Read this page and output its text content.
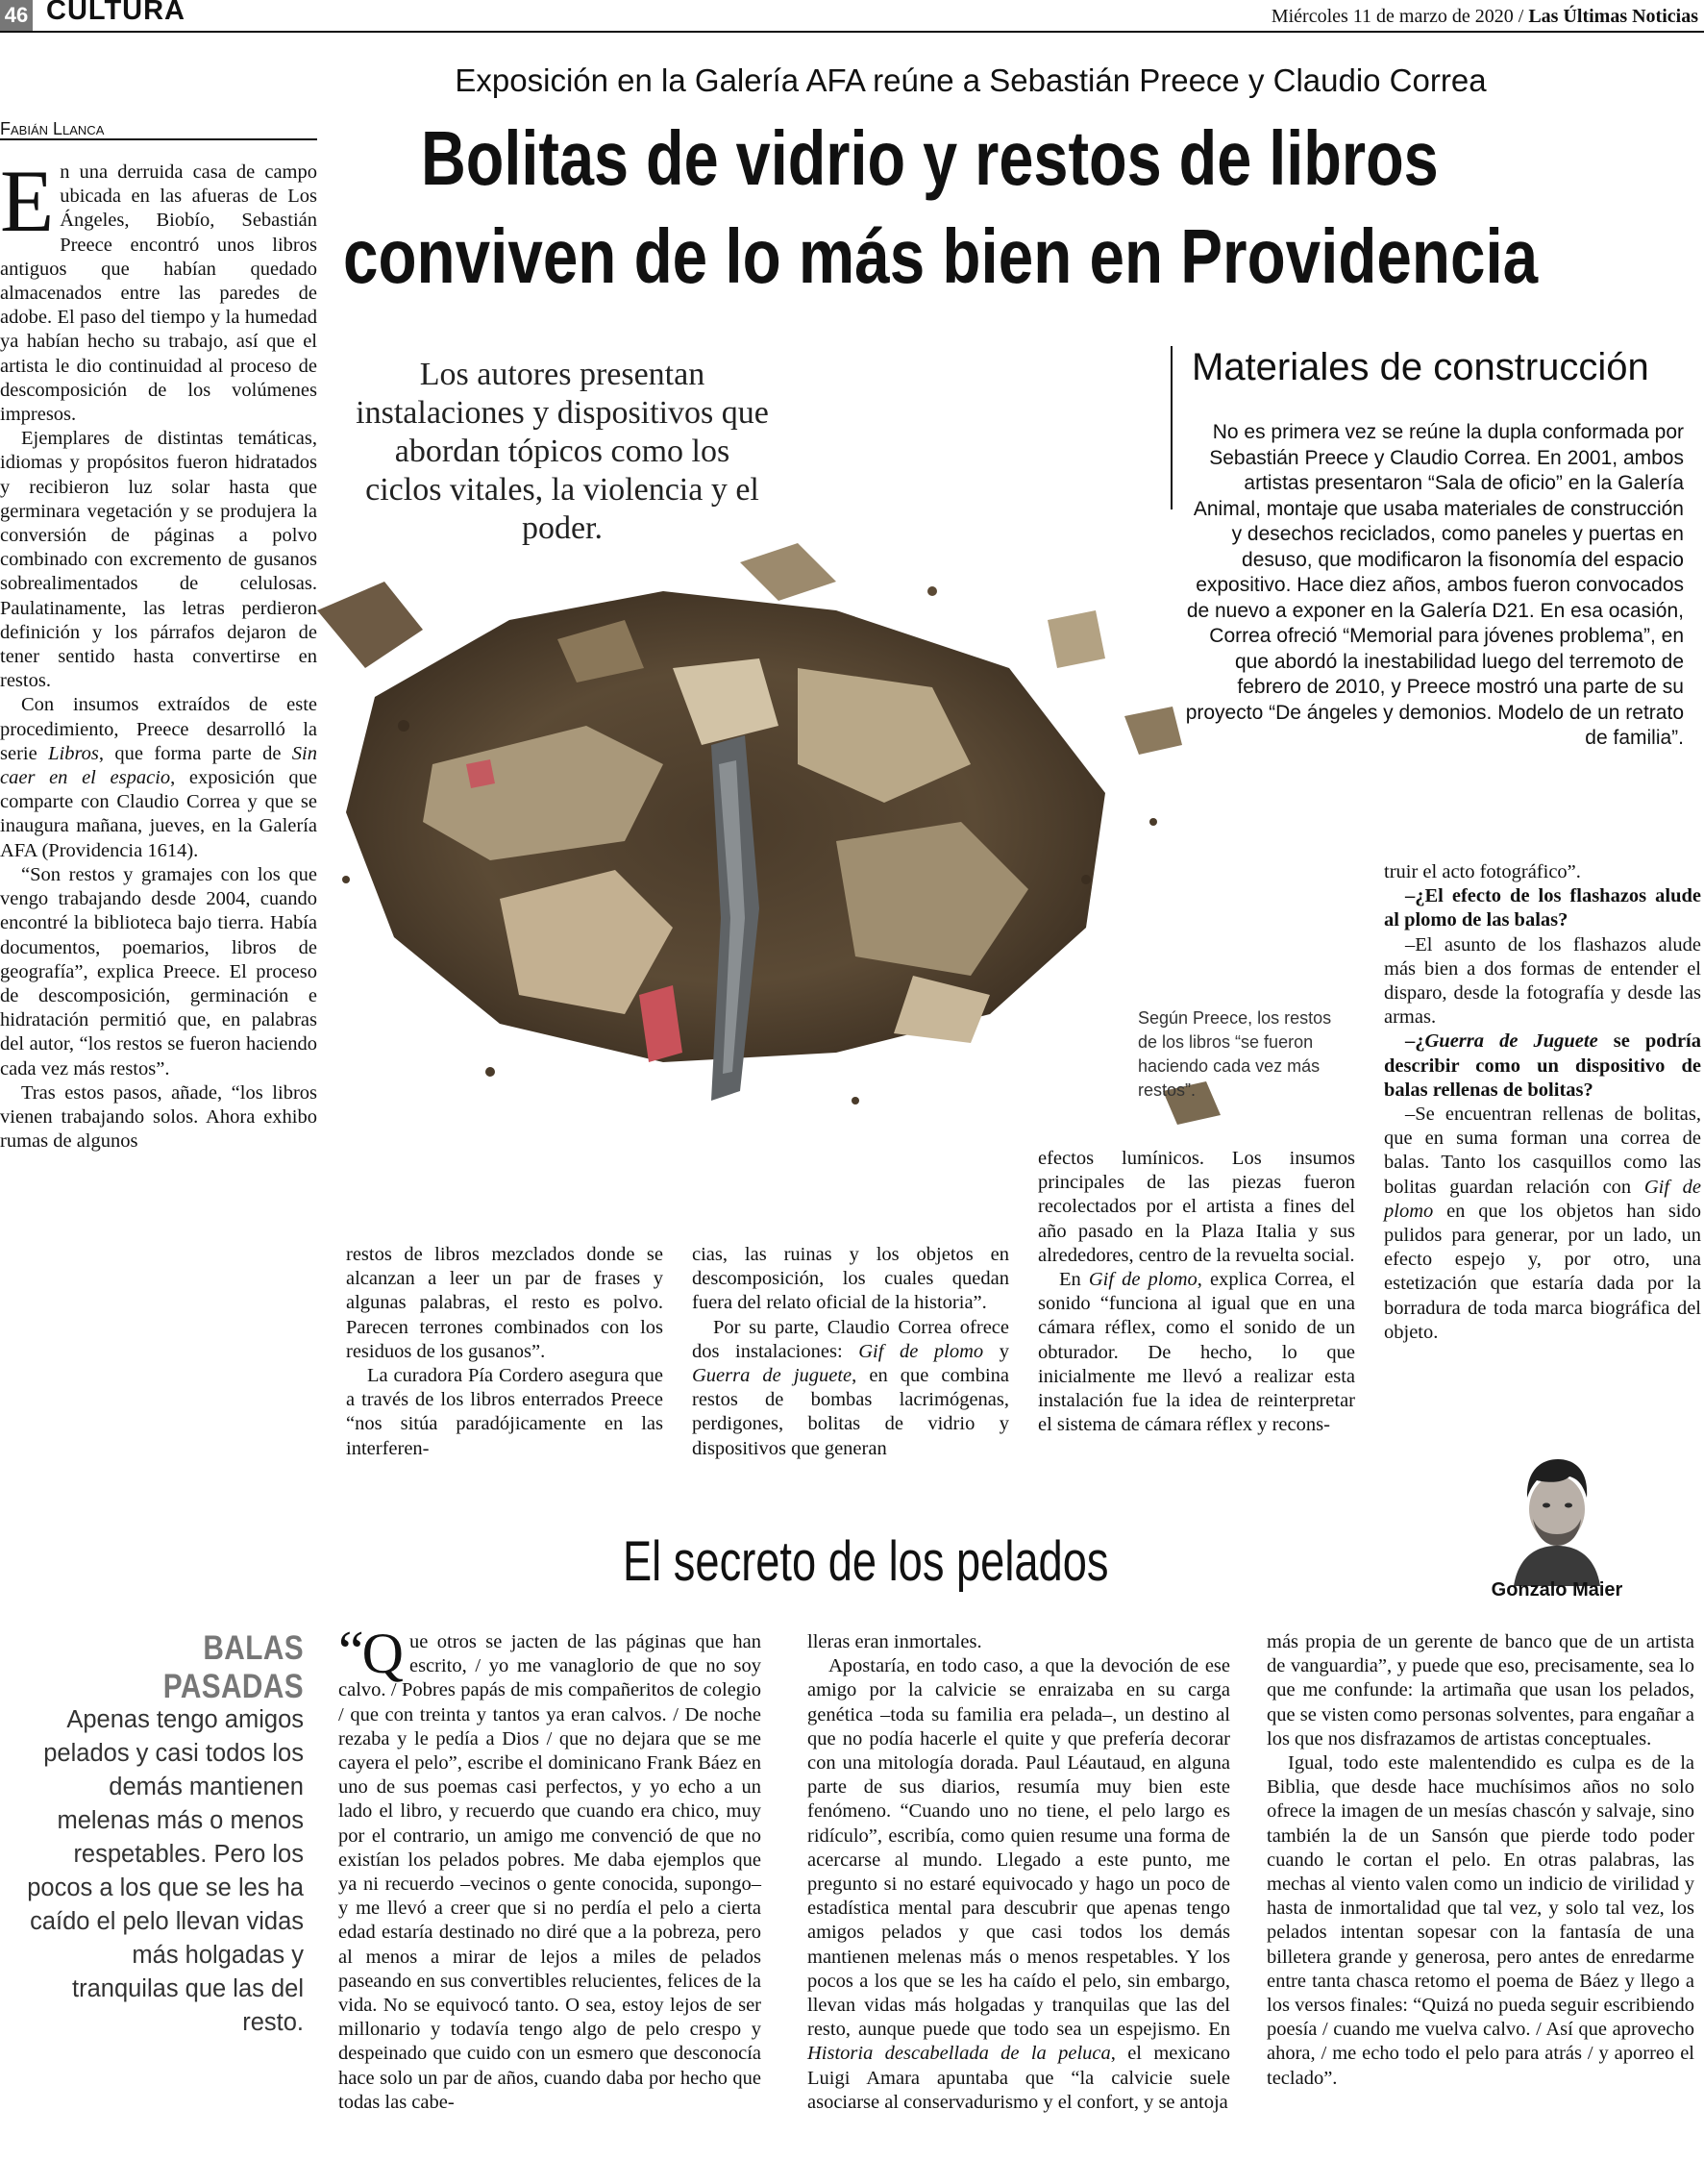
46 CULTURA	Miércoles 11 de marzo de 2020 / Las Últimas Noticias
Exposición en la Galería AFA reúne a Sebastián Preece y Claudio Correa
Fabián Llanca	Bolitas de vidrio y restos de libros
conviven de lo más bien en Providencia
Los autores presentan instalaciones y dispositivos que abordan tópicos como los ciclos vitales, la violencia y el poder.
Materiales de construcción
No es primera vez se reúne la dupla conformada por Sebastián Preece y Claudio Correa. En 2001, ambos artistas presentaron “Sala de oficio” en la Galería Animal, montaje que usaba materiales de construcción y desechos reciclados, como paneles y puertas en desuso, que modificaron la fisonomía del espacio expositivo. Hace diez años, ambos fueron convocados de nuevo a exponer en la Galería D21. En esa ocasión, Correa ofreció “Memorial para jóvenes problema”, en que abordó la inestabilidad luego del terremoto de febrero de 2010, y Preece mostró una parte de su proyecto “De ángeles y demonios. Modelo de un retrato de familia”.
Según Preece, los restos de los libros “se fueron haciendo cada vez más restos”.

En una derruida casa de campo ubicada en las afueras de Los Ángeles, Biobío, Sebastián Preece encontró unos libros antiguos que habían quedado almacenados entre las paredes de adobe. El paso del tiempo y la humedad ya habían hecho su trabajo, así que el artista le dio continuidad al proceso de descomposición de los volúmenes impresos.

Ejemplares de distintas temáticas, idiomas y propósitos fueron hidratados y recibieron luz solar hasta que germinara vegetación y se produjera la conversión de páginas a polvo combinado con excremento de gusanos sobrealimentados de celulosas. Paulatinamente, las letras perdieron definición y los párrafos dejaron de tener sentido hasta convertirse en restos.

Con insumos extraídos de este procedimiento, Preece desarrolló la serie Libros, que forma parte de Sin caer en el espacio, exposición que comparte con Claudio Correa y que se inaugura mañana, jueves, en la Galería AFA (Providencia 1614).

“Son restos y gramajes con los que vengo trabajando desde 2004, cuando encontré la biblioteca bajo tierra. Había documentos, poemarios, libros de geografía”, explica Preece. El proceso de descomposición, germinación e hidratación permitió que, en palabras del autor, “los restos se fueron haciendo cada vez más restos”.

Tras estos pasos, añade, “los libros vienen trabajando solos. Ahora exhibo rumas de algunos

restos de libros mezclados donde se alcanzan a leer un par de frases y algunas palabras, el resto es polvo. Parecen terrones combinados con los residuos de los gusanos”.

La curadora Pía Cordero asegura que a través de los libros enterrados Preece “nos sitúa paradójicamente en las interferen-

cias, las ruinas y los objetos en descomposición, los cuales quedan fuera del relato oficial de la historia”.

Por su parte, Claudio Correa ofrece dos instalaciones: Gif de plomo y Guerra de juguete, en que combina restos de bombas lacrimógenas, perdigones, bolitas de vidrio y dispositivos que generan

efectos lumínicos. Los insumos principales de las piezas fueron recolectados por el artista a fines del año pasado en la Plaza Italia y sus alrededores, centro de la revuelta social.

En Gif de plomo, explica Correa, el sonido “funciona al igual que en una cámara réflex, como el sonido de un obturador. De hecho, lo que inicialmente me llevó a realizar esta instalación fue la idea de reinterpretar el sistema de cámara réflex y recons-

truir el acto fotográfico”.

–¿El efecto de los flashazos alude al plomo de las balas?

–El asunto de los flashazos alude más bien a dos formas de entender el disparo, desde la fotografía y desde las armas.

–¿Guerra de Juguete se podría describir como un dispositivo de balas rellenas de bolitas?

–Se encuentran rellenas de bolitas, que en suma forman una correa de balas. Tanto los casquillos como las bolitas guardan relación con Gif de plomo en que los objetos han sido pulidos para generar, por un lado, un efecto espejo y, por otro, una estetización que estaría dada por la borradura de toda marca biográfica del objeto.

El secreto de los pelados	Gonzalo Maier
BALAS PASADAS
Apenas tengo amigos pelados y casi todos los demás mantienen melenas más o menos respetables. Pero los pocos a los que se les ha caído el pelo llevan vidas más holgadas y tranquilas que las del resto.

“
Q ue otros se jacten de las páginas que han escrito, / yo me vanaglorio de que no soy calvo. / Pobres papás de mis compañeritos de colegio / que con treinta y tantos ya eran calvos. / De noche rezaba y le pedía a Dios / que no dejara que se me cayera el pelo”, escribe el dominicano Frank Báez en uno de sus poemas casi perfectos, y yo echo a un lado el libro, y recuerdo que cuando era chico, muy por el contrario, un amigo me convenció de que no existían los pelados pobres. Me daba ejemplos que ya ni recuerdo –vecinos o gente conocida, supongo– y me llevó a creer que si no perdía el pelo a cierta edad estaría destinado no diré que a la pobreza, pero al menos a mirar de lejos a miles de pelados paseando en sus convertibles relucientes, felices de la vida. No se equivocó tanto. O sea, estoy lejos de ser millonario y todavía tengo algo de pelo crespo y despeinado que cuido con un esmero que desconocía hace solo un par de años, cuando daba por hecho que todas las cabe-

lleras eran inmortales.

Apostaría, en todo caso, a que la devoción de ese amigo por la calvicie se enraizaba en su carga genética –toda su familia era pelada–, un destino al que no podía hacerle el quite y que prefería decorar con una mitología dorada. Paul Léautaud, en alguna parte de sus diarios, resumía muy bien este fenómeno. “Cuando uno no tiene, el pelo largo es ridículo”, escribía, como quien resume una forma de acercarse al mundo. Llegado a este punto, me pregunto si no estaré equivocado y hago un poco de estadística mental para descubrir que apenas tengo amigos pelados y que casi todos los demás mantienen melenas más o menos respetables. Y los pocos a los que se les ha caído el pelo, sin embargo, llevan vidas más holgadas y tranquilas que las del resto, aunque puede que todo sea un espejismo. En Historia descabellada de la peluca, el mexicano Luigi Amara apuntaba que “la calvicie suele asociarse al conservadurismo y el confort, y se antoja

más propia de un gerente de banco que de un artista de vanguardia”, y puede que eso, precisamente, sea lo que me confunde: la artimaña que usan los pelados, que se visten como personas solventes, para engañar a los que nos disfrazamos de artistas conceptuales.

Igual, todo este malentendido es culpa es de la Biblia, que desde hace muchísimos años no solo ofrece la imagen de un mesías chascón y salvaje, sino también la de un Sansón que pierde todo poder cuando le cortan el pelo. En otras palabras, las mechas al viento valen como un indicio de virilidad y hasta de inmortalidad que tal vez, y solo tal vez, los pelados intentan sopesar con la fantasía de una billetera grande y generosa, pero antes de enredarme entre tanta chasca retomo el poema de Báez y llego a los versos finales: “Quizá no pueda seguir escribiendo poesía / cuando me vuelva calvo. / Así que aprovecho ahora, / me echo todo el pelo para atrás / y aporreo el teclado”.
